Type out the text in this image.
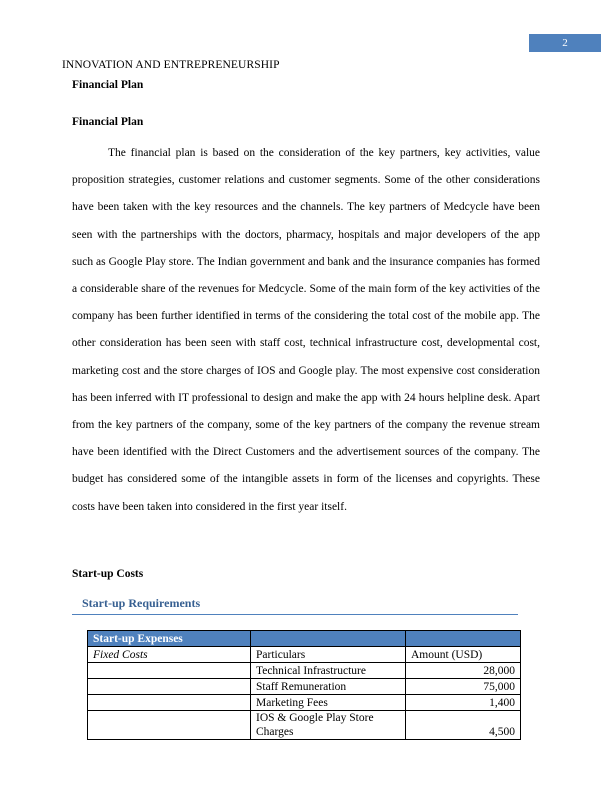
2
INNOVATION AND ENTREPRENEURSHIP
Financial Plan
Financial Plan

The financial plan is based on the consideration of the key partners, key activities, value proposition strategies, customer relations and customer segments. Some of the other considerations have been taken with the key resources and the channels. The key partners of Medcycle have been seen with the partnerships with the doctors, pharmacy, hospitals and major developers of the app such as Google Play store. The Indian government and bank and the insurance companies has formed a considerable share of the revenues for Medcycle. Some of the main form of the key activities of the company has been further identified in terms of the considering the total cost of the mobile app. The other consideration has been seen with staff cost, technical infrastructure cost, developmental cost, marketing cost and the store charges of IOS and Google play. The most expensive cost consideration has been inferred with IT professional to design and make the app with 24 hours helpline desk. Apart from the key partners of the company, some of the key partners of the company the revenue stream have been identified with the Direct Customers and the advertisement sources of the company. The budget has considered some of the intangible assets in form of the licenses and copyrights. These costs have been taken into considered in the first year itself.

Start-up Costs
Start-up Requirements
Start-up Expenses		
Fixed Costs	Particulars	Amount (USD)
	Technical Infrastructure	28,000
	Staff Remuneration	75,000
	Marketing Fees	1,400
	IOS & Google Play Store Charges	4,500
